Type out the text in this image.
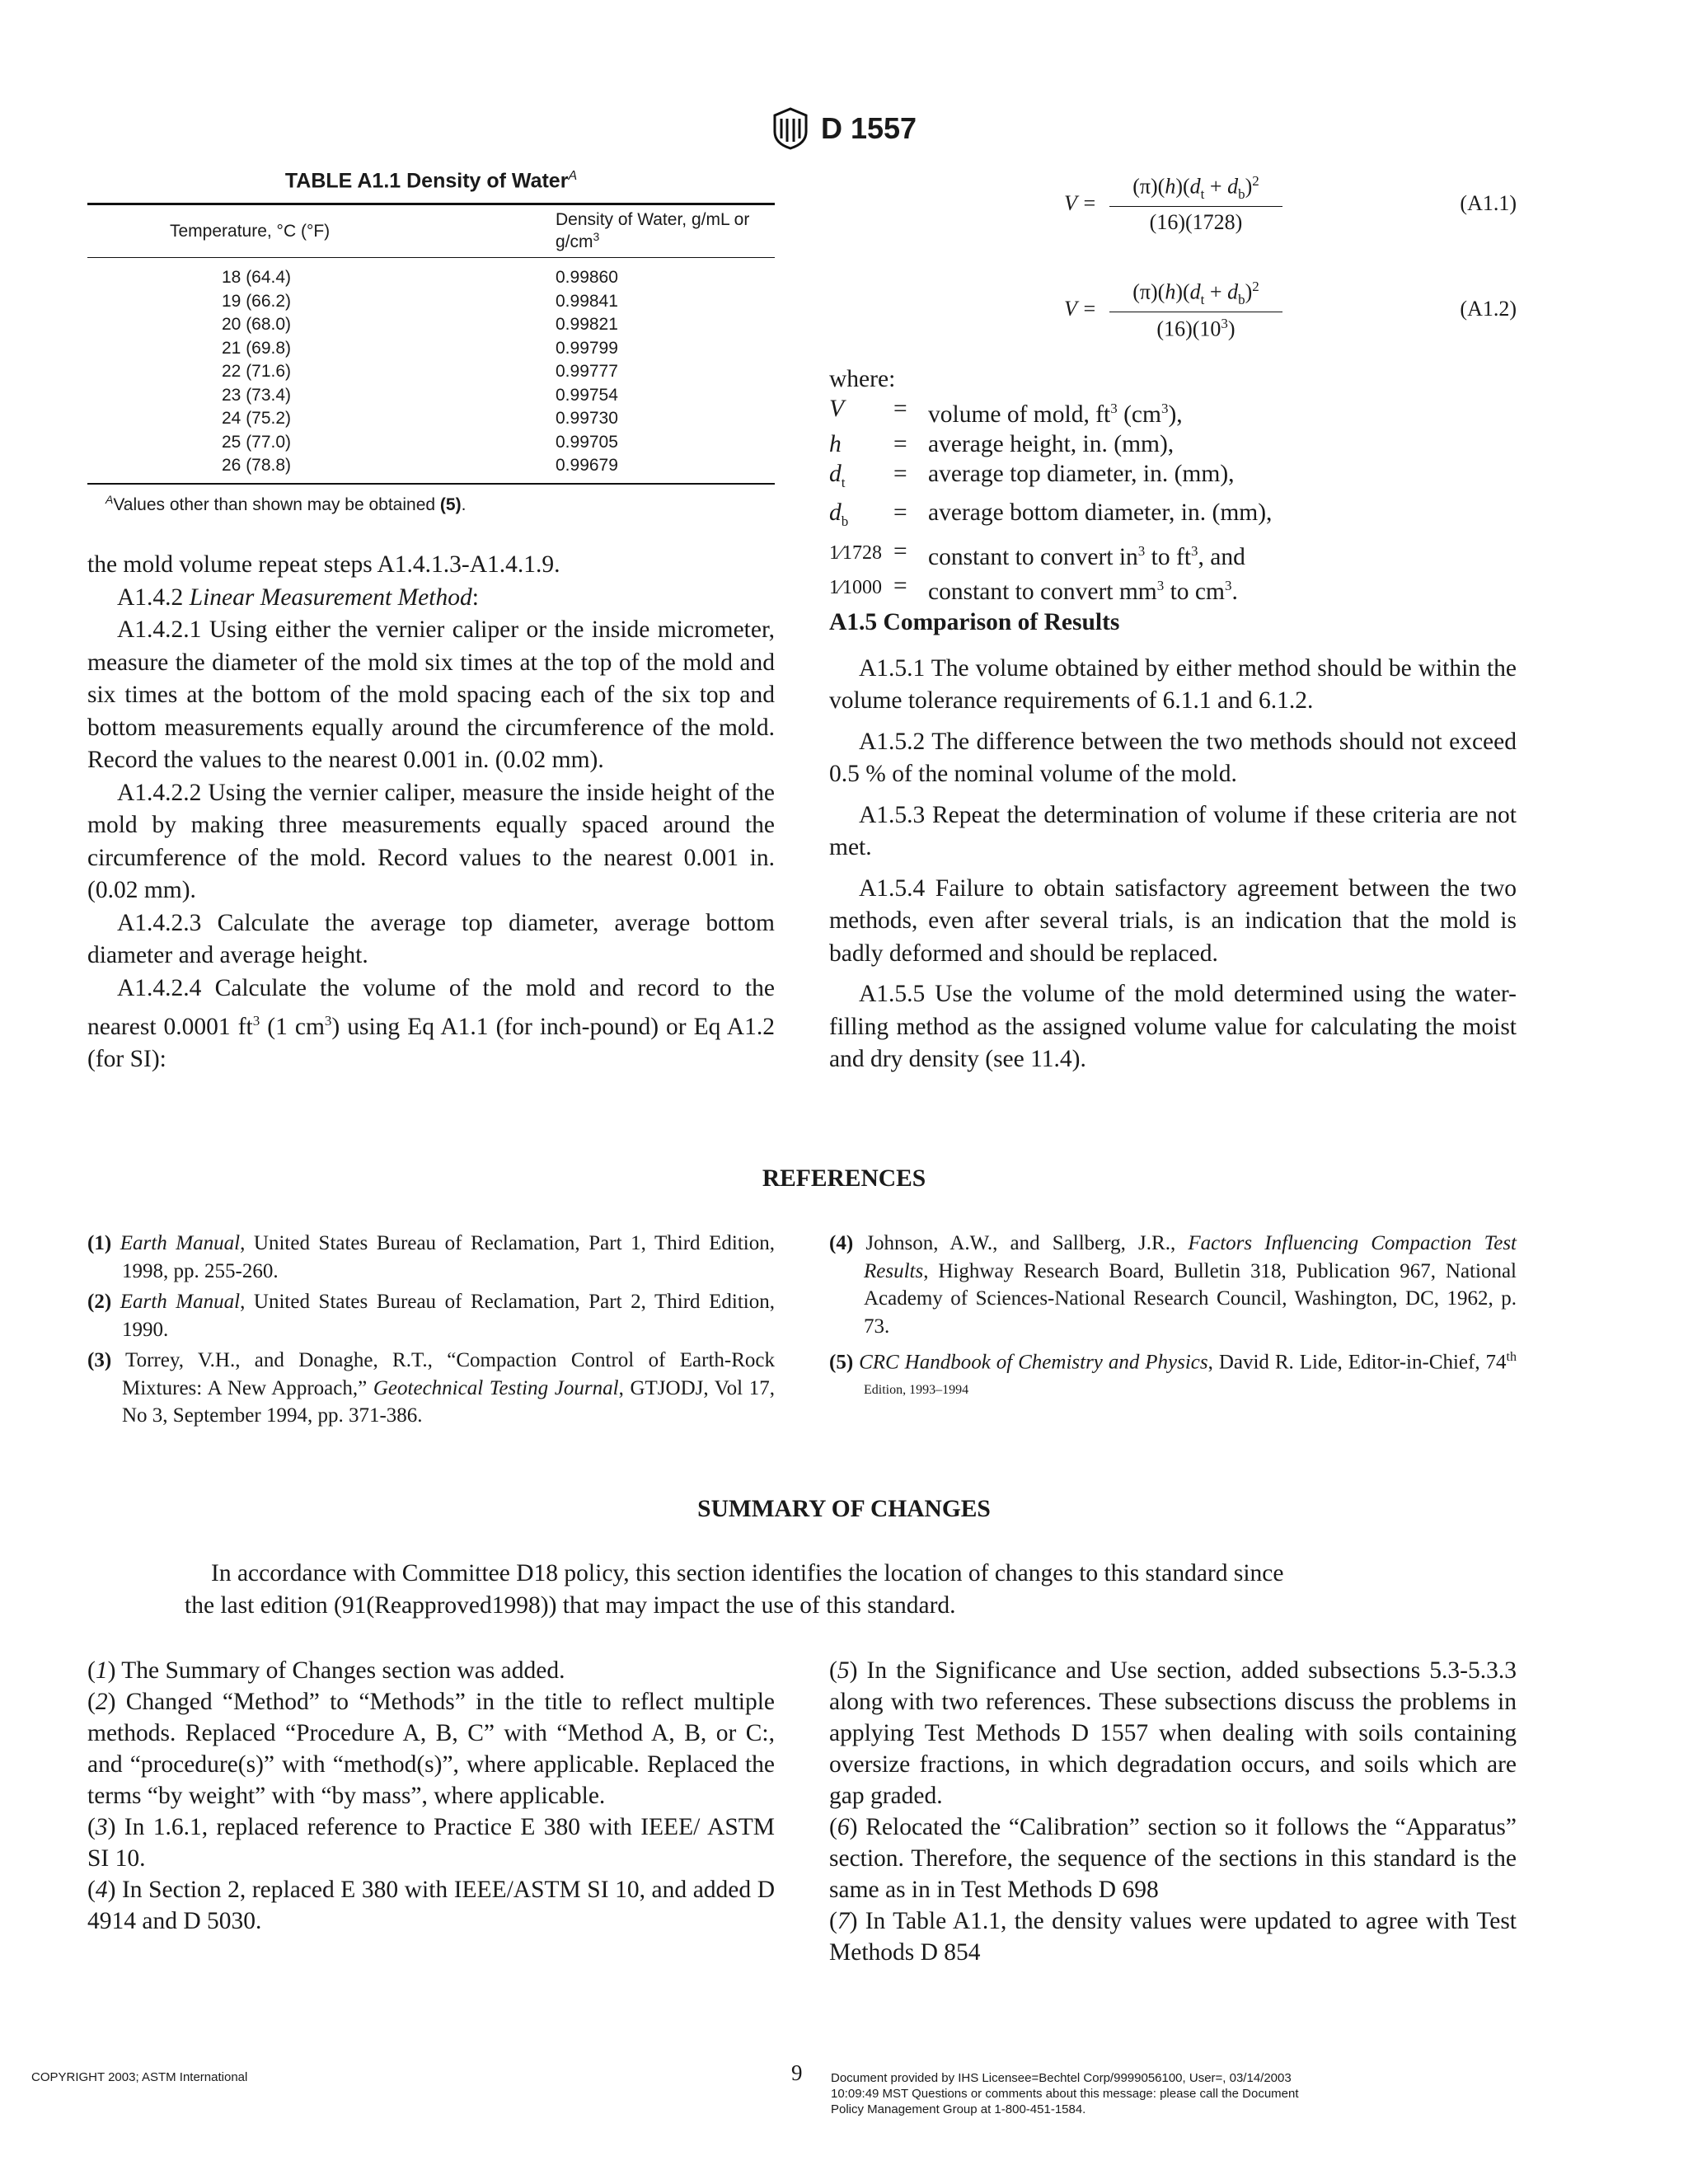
D 1557
TABLE A1.1 Density of Water$^A$
Temperature, °C (°F)	Density of Water, g/mL or $g/cm^3$
18 (64.4)	0.99860
19 (66.2)	0.99841
20 (68.0)	0.99821
21 (69.8)	0.99799
22 (71.6)	0.99777
23 (73.4)	0.99754
24 (75.2)	0.99730
25 (77.0)	0.99705
26 (78.8)	0.99679
$^A$Values other than shown may be obtained (5).

the mold volume repeat steps A1.4.1.3-A1.4.1.9.

A1.4.2 Linear Measurement Method:

A1.4.2.1 Using either the vernier caliper or the inside micrometer, measure the diameter of the mold six times at the top of the mold and six times at the bottom of the mold spacing each of the six top and bottom measurements equally around the circumference of the mold. Record the values to the nearest 0.001 in. (0.02 mm).

A1.4.2.2 Using the vernier caliper, measure the inside height of the mold by making three measurements equally spaced around the circumference of the mold. Record values to the nearest 0.001 in. (0.02 mm).

A1.4.2.3 Calculate the average top diameter, average bottom diameter and average height.

A1.4.2.4 Calculate the volume of the mold and record to the nearest 0.0001 $ft^3$ (1 $cm^3$) using Eq A1.1 (for inch-pound) or Eq A1.2 (for SI):

$V = \frac{(\pi)(h)(d_t + d_b)^2}{(16)(1728)}$	(A1.1)
$V = \frac{(\pi)(h)(d_t + d_b)^2}{(16)(10^3)}$	(A1.2)
where:
V	= volume of mold, $ft^3$ $(cm^3)$,
h	= average height, in. (mm),
$d_t$	= average top diameter, in. (mm),
$d_b$	= average bottom diameter, in. (mm),
1⁄1728 = constant to convert $in^3$ to $ft^3$, and
1⁄1000 = constant to convert $mm^3$ to $cm^3$.
A1.5 Comparison of Results

A1.5.1 The volume obtained by either method should be within the volume tolerance requirements of 6.1.1 and 6.1.2.

A1.5.2 The difference between the two methods should not exceed 0.5 % of the nominal volume of the mold.

A1.5.3 Repeat the determination of volume if these criteria are not met.

A1.5.4 Failure to obtain satisfactory agreement between the two methods, even after several trials, is an indication that the mold is badly deformed and should be replaced.

A1.5.5 Use the volume of the mold determined using the water-filling method as the assigned volume value for calculating the moist and dry density (see 11.4).

REFERENCES
(1) Earth Manual, United States Bureau of Reclamation, Part 1, Third Edition, 1998, pp. 255-260.
(2) Earth Manual, United States Bureau of Reclamation, Part 2, Third Edition, 1990.
(3) Torrey, V.H., and Donaghe, R.T., “Compaction Control of Earth-Rock Mixtures: A New Approach,” Geotechnical Testing Journal, GTJODJ, Vol 17, No 3, September 1994, pp. 371-386.
(4) Johnson, A.W., and Sallberg, J.R., Factors Influencing Compaction Test Results, Highway Research Board, Bulletin 318, Publication 967, National Academy of Sciences-National Research Council, Washington, DC, 1962, p. 73.
(5) CRC Handbook of Chemistry and Physics, David R. Lide, Editor-in-Chief, $74^{th Edition, 1993-1994}$
SUMMARY OF CHANGES
In accordance with Committee D18 policy, this section identifies the location of changes to this standard since
the last edition (91(Reapproved1998)) that may impact the use of this standard.

(1) The Summary of Changes section was added.

(2) Changed “Method” to “Methods” in the title to reflect multiple methods. Replaced “Procedure A, B, C” with “Method A, B, or C:, and “procedure(s)” with “method(s)”, where applicable. Replaced the terms “by weight” with “by mass”, where applicable.

(3) In 1.6.1, replaced reference to Practice E 380 with IEEE/ ASTM SI 10.

(4) In Section 2, replaced E 380 with IEEE/ASTM SI 10, and added D 4914 and D 5030.

(5) In the Significance and Use section, added subsections 5.3-5.3.3 along with two references. These subsections discuss the problems in applying Test Methods D 1557 when dealing with soils containing oversize fractions, in which degradation occurs, and soils which are gap graded.

(6) Relocated the “Calibration” section so it follows the “Apparatus” section. Therefore, the sequence of the sections in this standard is the same as in in Test Methods D 698

(7) In Table A1.1, the density values were updated to agree with Test Methods D 854

COPYRIGHT 2003; ASTM International	9 Document provided by IHS Licensee=Bechtel Corp/9999056100, User=, 03/14/2003
10:09:49 MST Questions or comments about this message: please call the Document
Policy Management Group at 1-800-451-1584.
